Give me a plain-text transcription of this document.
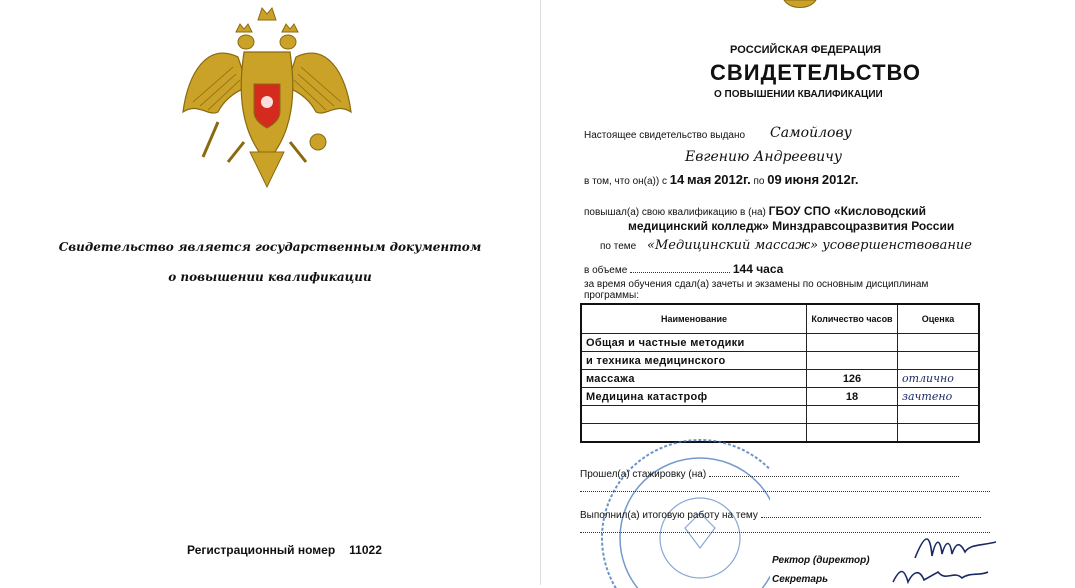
Свидетельство является государственным документом
о повышении квалификации
Регистрационный номер 11022
РОССИЙСКАЯ ФЕДЕРАЦИЯ
СВИДЕТЕЛЬСТВО
О ПОВЫШЕНИИ КВАЛИФИКАЦИИ
Настоящее свидетельство выдано Самойлову
Евгению Андреевичу
в том, что он(а)) с 14 мая 2012г. по 09 июня 2012г.
повышал(а) свою квалификацию в (на) ГБОУ СПО «Кисловодский
медицинский колледж» Минздравсоцразвития России
по теме «Медицинский массаж» усовершенствование
в объеме	144 часа
за время обучения сдал(а) зачеты и экзамены по основным дисциплинам
программы:
Наименование	Количество часов	Оценка
Общая и частные методики		
и техника медицинского		
массажа	126	отлично
Медицина катастроф	18	зачтено

Прошел(а) стажировку (на)
Выполнил(а) итоговую работу на тему
Ректор (директор)
Секретарь
